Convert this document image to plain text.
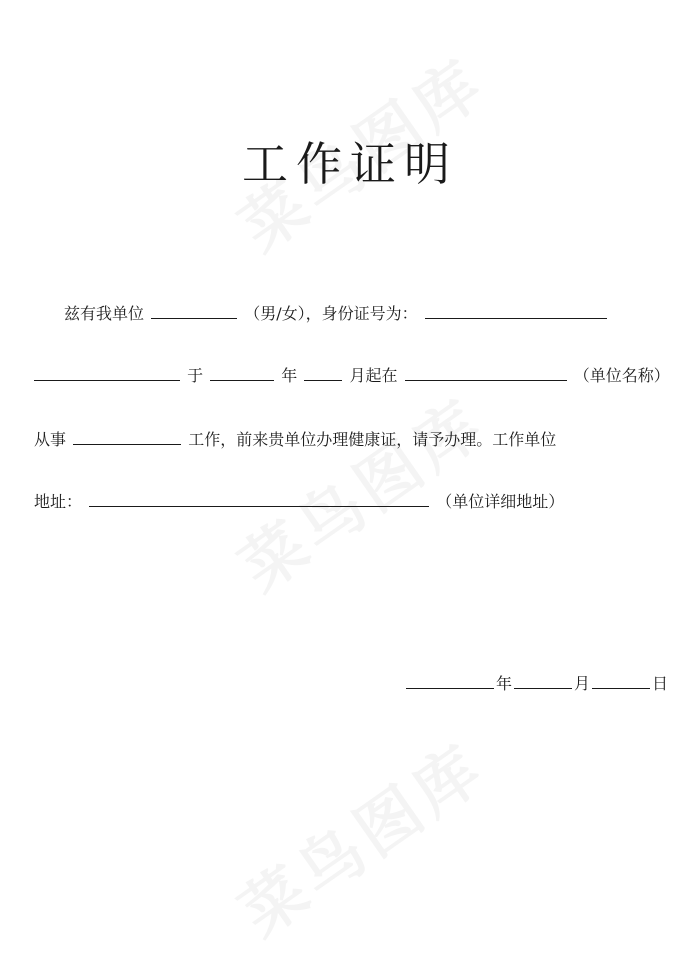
工作证明
兹有我单位	（男/女），身份证号为：
于	年	月起在	（单位名称）
从事	工作，前来贵单位办理健康证，请予办理。工作单位
地址：	（单位详细地址）
年	月	日
